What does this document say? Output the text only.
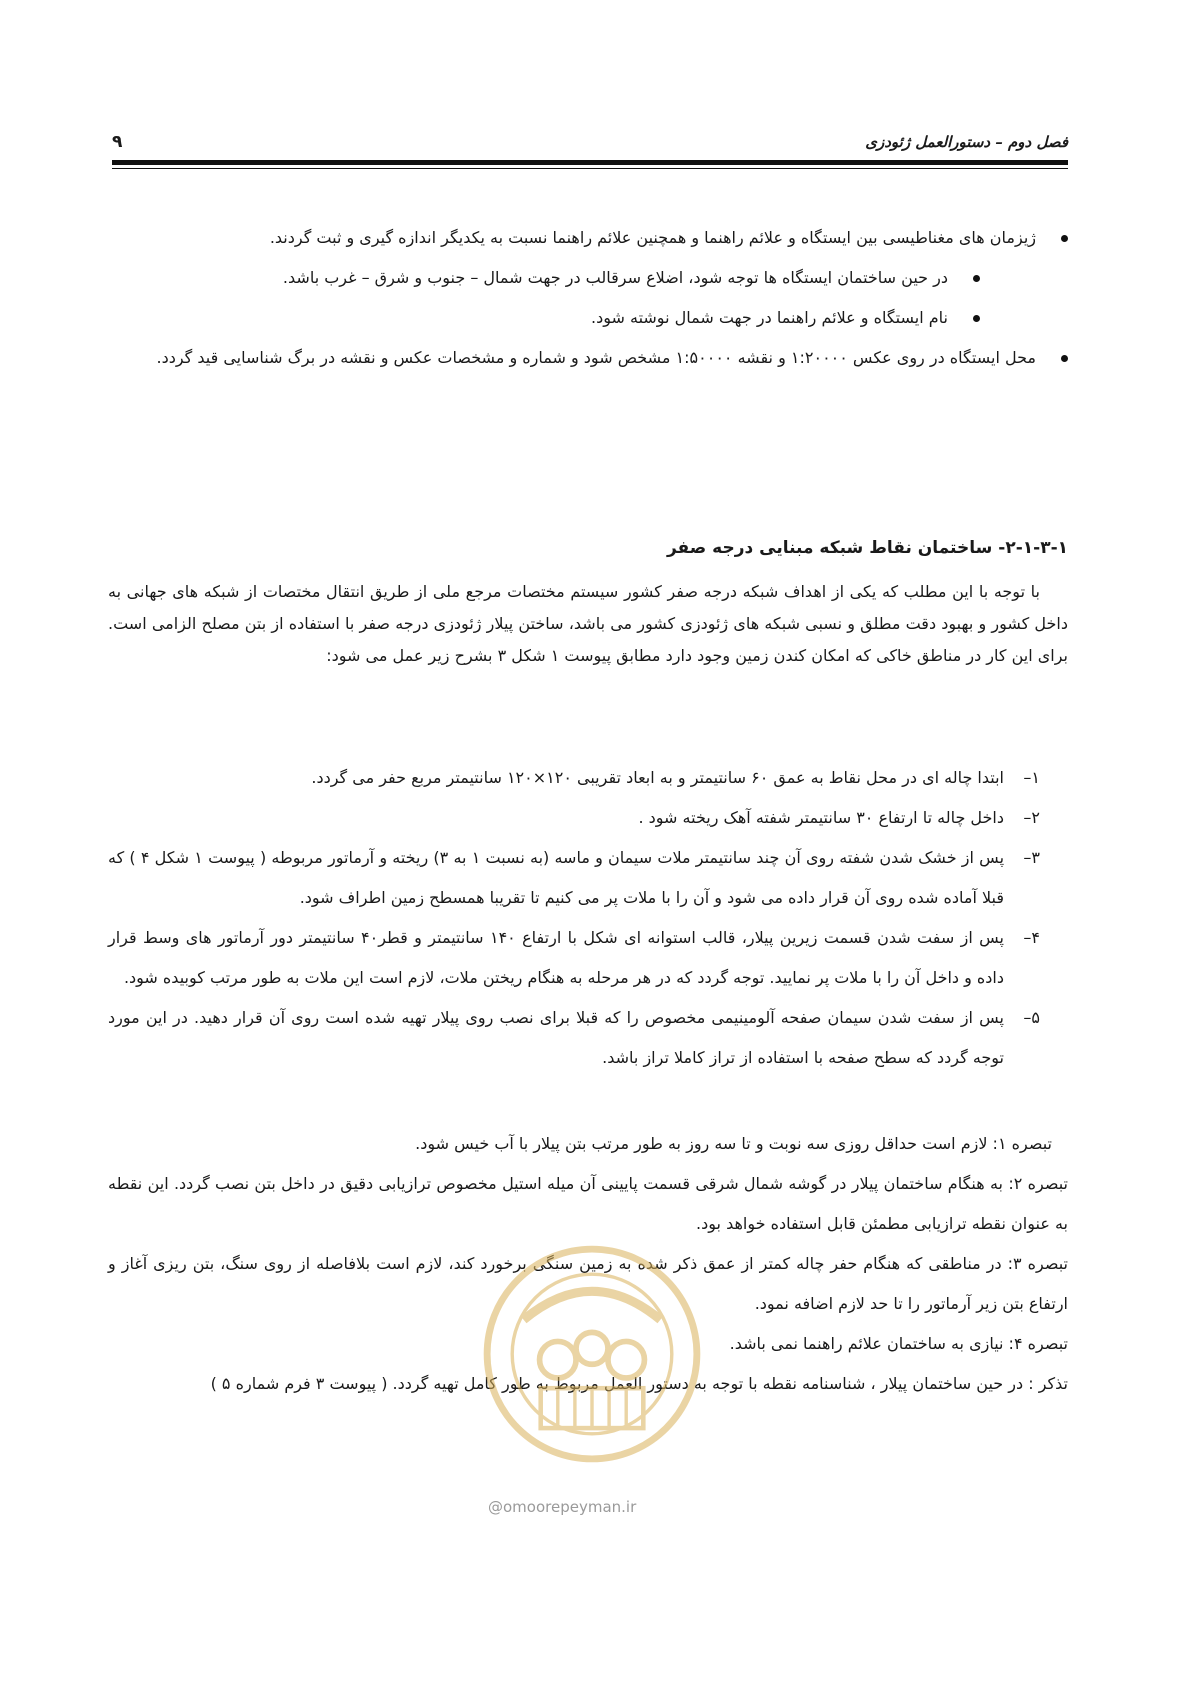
فصل دوم – دستورالعمل ژئودزی
۹
ژیزمان های مغناطیسی بین ایستگاه و علائم راهنما و همچنین علائم راهنما نسبت به یکدیگر اندازه گیری و ثبت گردند.
در حین ساختمان ایستگاه ها توجه شود، اضلاع سرقالب در جهت شمال – جنوب و شرق – غرب باشد.
نام ایستگاه و علائم راهنما در جهت شمال نوشته شود.
محل ایستگاه در روی عکس ۱:۲۰۰۰۰ و نقشه ۱:۵۰۰۰۰ مشخص شود و شماره و مشخصات عکس و نقشه در برگ شناسایی قید گردد.
۲-۱-۳-۱- ساختمان نقاط شبکه مبنایی درجه صفر

با توجه با این مطلب که یکی از اهداف شبکه درجه صفر کشور سیستم مختصات مرجع ملی از طریق انتقال مختصات از شبکه های جهانی به داخل کشور و بهبود دقت مطلق و نسبی شبکه های ژئودزی کشور می باشد، ساختن پیلار ژئودزی درجه صفر با استفاده از بتن مصلح الزامی است. برای این کار در مناطق خاکی که امکان کندن زمین وجود دارد مطابق پیوست ۱ شکل ۳ بشرح زیر عمل می شود:

۱–
ابتدا چاله ای در محل نقاط به عمق ۶۰ سانتیمتر و به ابعاد تقریبی ۱۲۰×۱۲۰ سانتیمتر مربع حفر می گردد.
۲–
داخل چاله تا ارتفاع ۳۰ سانتیمتر شفته آهک ریخته شود .
۳–
پس از خشک شدن شفته روی آن چند سانتیمتر ملات سیمان و ماسه (به نسبت ۱ به ۳) ریخته و آرماتور مربوطه ( پیوست ۱ شکل ۴ ) که قبلا آماده شده روی آن قرار داده می شود و آن را با ملات پر می کنیم تا تقریبا همسطح زمین اطراف شود.
۴–
پس از سفت شدن قسمت زیرین پیلار، قالب استوانه ای شکل با ارتفاع ۱۴۰ سانتیمتر و قطر۴۰ سانتیمتر دور آرماتور های وسط قرار داده و داخل آن را با ملات پر نمایید. توجه گردد که در هر مرحله به هنگام ریختن ملات، لازم است این ملات به طور مرتب کوبیده شود.
۵–
پس از سفت شدن سیمان صفحه آلومینیمی مخصوص را که قبلا برای نصب روی پیلار تهیه شده است روی آن قرار دهید. در این مورد توجه گردد که سطح صفحه با استفاده از تراز کاملا تراز باشد.

تبصره ۱: لازم است حداقل روزی سه نوبت و تا سه روز به طور مرتب بتن پیلار با آب خیس شود.

تبصره ۲: به هنگام ساختمان پیلار در گوشه شمال شرقی قسمت پایینی آن میله استیل مخصوص ترازیابی دقیق در داخل بتن نصب گردد. این نقطه به عنوان نقطه ترازیابی مطمئن قابل استفاده خواهد بود.

تبصره ۳: در مناطقی که هنگام حفر چاله کمتر از عمق ذکر شده به زمین سنگی برخورد کند، لازم است بلافاصله از روی سنگ، بتن ریزی آغاز و ارتفاع بتن زیر آرماتور را تا حد لازم اضافه نمود.

تبصره ۴: نیازی به ساختمان علائم راهنما نمی باشد.

تذکر : در حین ساختمان پیلار ، شناسنامه نقطه با توجه به دستور العمل مربوط به طور کامل تهیه گردد. ( پیوست ۳ فرم شماره ۵ )

@omoorepeyman.ir
